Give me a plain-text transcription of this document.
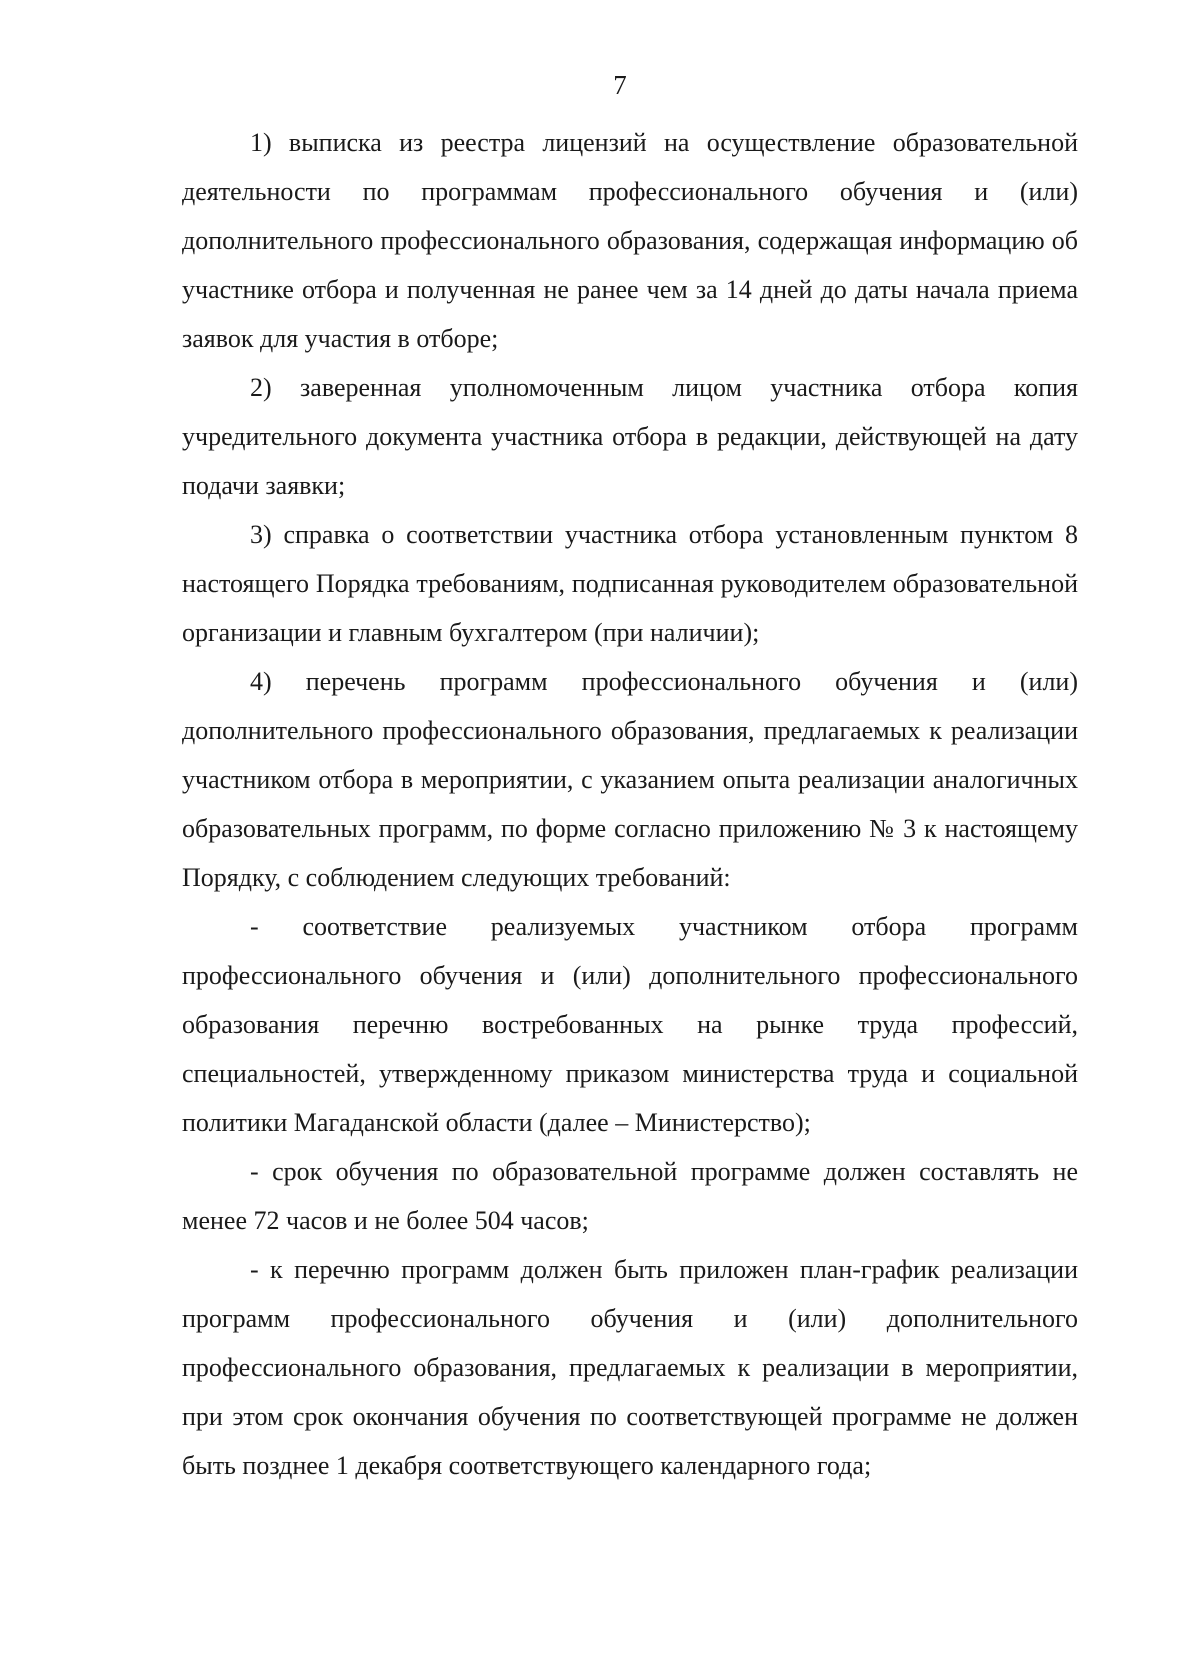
7

1) выписка из реестра лицензий на осуществление образовательной деятельности по программам профессионального обучения и (или) дополнительного профессионального образования, содержащая информацию об участнике отбора и полученная не ранее чем за 14 дней до даты начала приема заявок для участия в отборе;

2) заверенная уполномоченным лицом участника отбора копия учредительного документа участника отбора в редакции, действующей на дату подачи заявки;

3) справка о соответствии участника отбора установленным пунктом 8 настоящего Порядка требованиям, подписанная руководителем образовательной организации и главным бухгалтером (при наличии);

4) перечень программ профессионального обучения и (или) дополнительного профессионального образования, предлагаемых к реализации участником отбора в мероприятии, с указанием опыта реализации аналогичных образовательных программ, по форме согласно приложению № 3 к настоящему Порядку, с соблюдением следующих требований:

- соответствие реализуемых участником отбора программ профессионального обучения и (или) дополнительного профессионального образования перечню востребованных на рынке труда профессий, специальностей, утвержденному приказом министерства труда и социальной политики Магаданской области (далее – Министерство);

- срок обучения по образовательной программе должен составлять не менее 72 часов и не более 504 часов;

- к перечню программ должен быть приложен план-график реализации программ профессионального обучения и (или) дополнительного профессионального образования, предлагаемых к реализации в мероприятии, при этом срок окончания обучения по соответствующей программе не должен быть позднее 1 декабря соответствующего календарного года;
